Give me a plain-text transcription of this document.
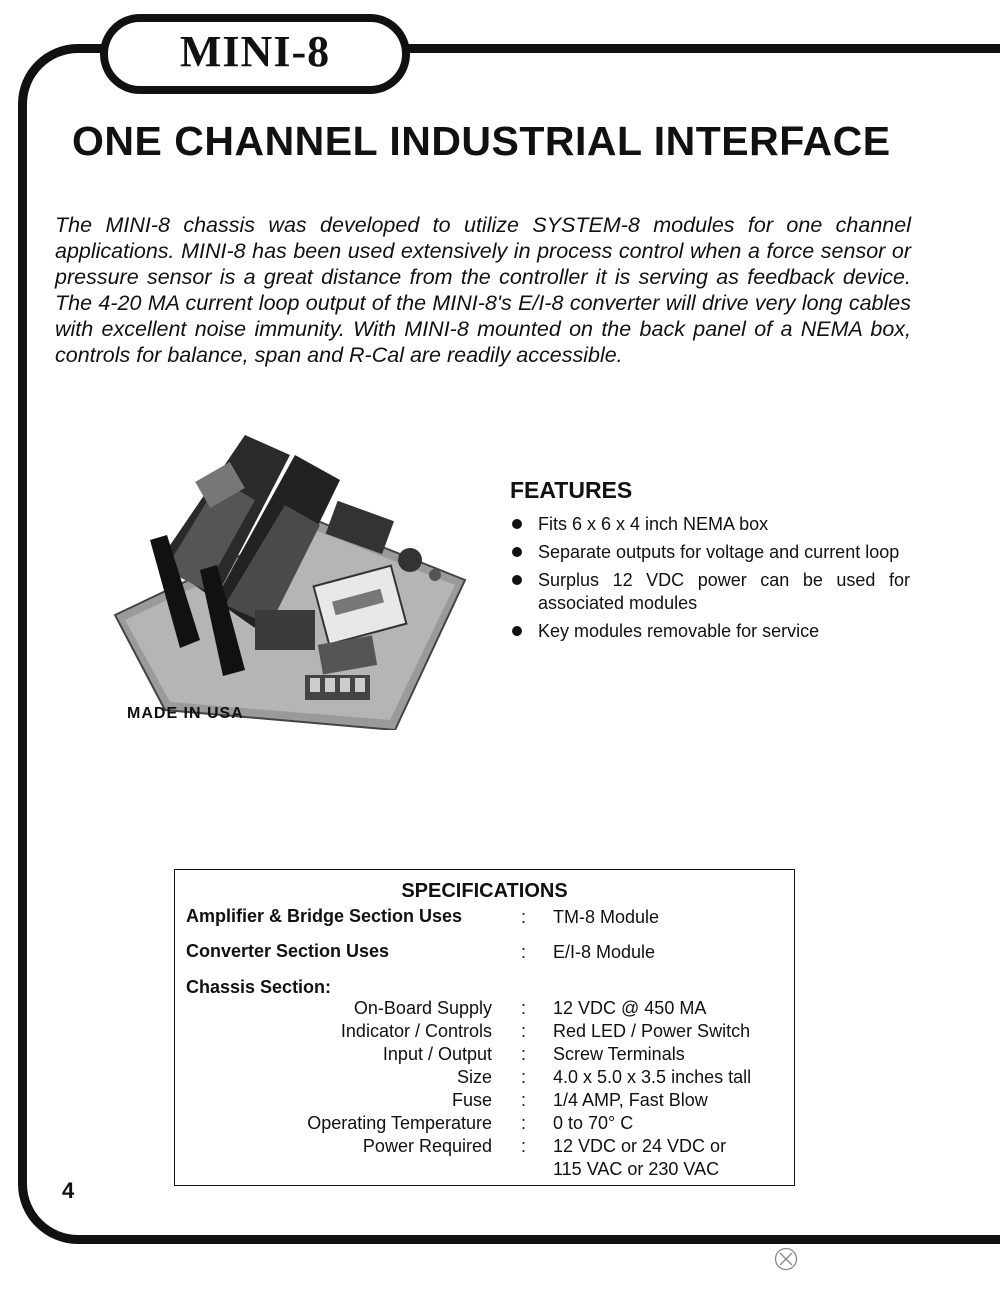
MINI-8
ONE CHANNEL INDUSTRIAL INTERFACE
The MINI-8 chassis was developed to utilize SYSTEM-8 modules for one channel applications. MINI-8 has been used extensively in process control when a force sensor or pressure sensor is a great distance from the controller it is serving as feedback device. The 4-20 MA current loop output of the MINI-8's E/I-8 converter will drive very long cables with excellent noise immunity. With MINI-8 mounted on the back panel of a NEMA box, controls for balance, span and R-Cal are readily accessible.
MADE IN USA
FEATURES
Fits 6 x 6 x 4 inch NEMA box
Separate outputs for voltage and current loop
Surplus 12 VDC power can be used for associated modules
Key modules removable for service
SPECIFICATIONS
Amplifier & Bridge Section Uses	: TM-8 Module
Converter Section Uses	: E/I-8 Module
Chassis Section:
On-Board Supply : 12 VDC @ 450 MA
Indicator / Controls : Red LED / Power Switch
Input / Output : Screw Terminals
Size : 4.0 x 5.0 x 3.5 inches tall
Fuse : 1/4 AMP, Fast Blow
Operating Temperature : 0 to 70° C
Power Required : 12 VDC or 24 VDC or
115 VAC or 230 VAC
4
